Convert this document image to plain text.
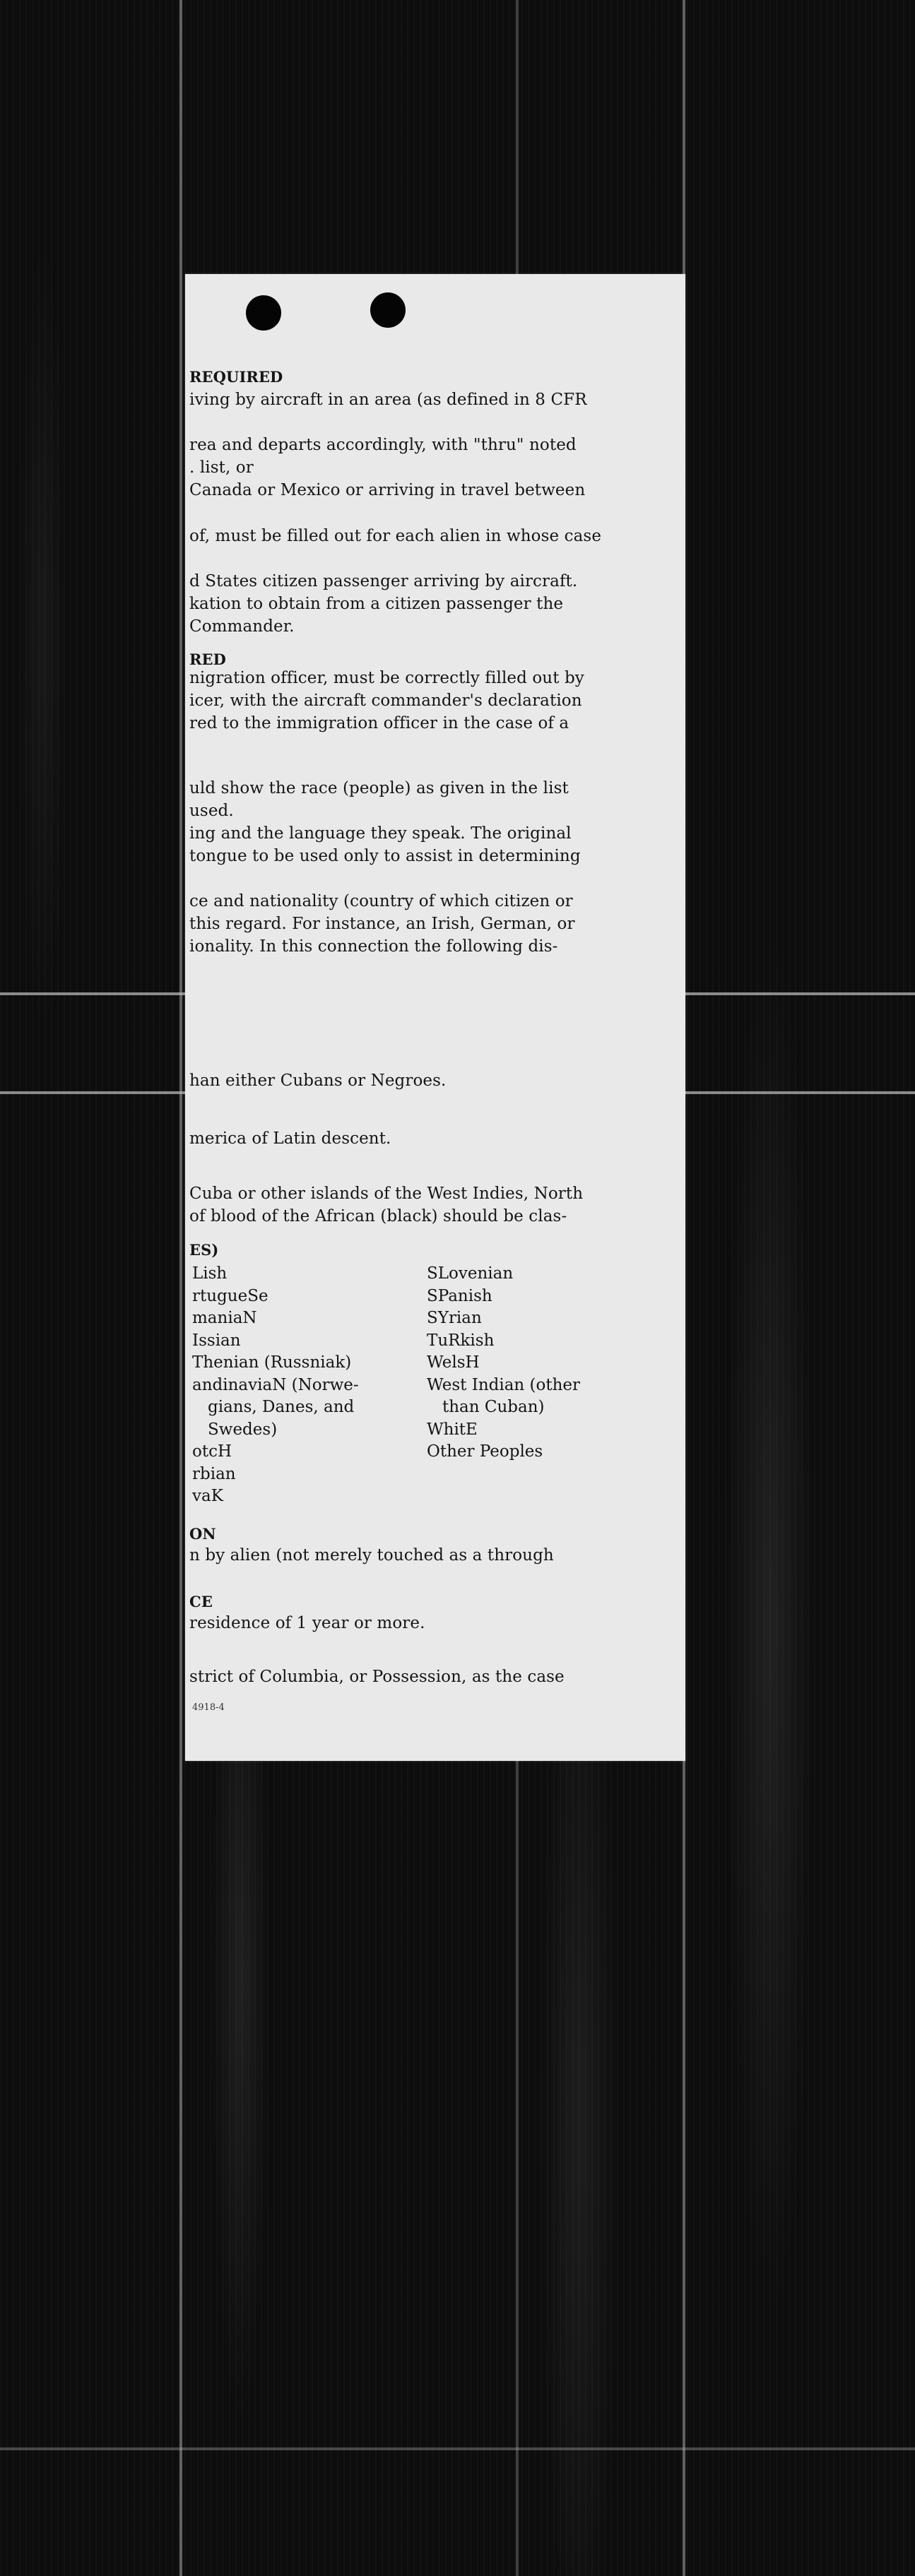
REQUIRED
iving by aircraft in an area (as defined in 8 CFR
rea and departs accordingly, with "thru" noted
. list, or
Canada or Mexico or arriving in travel between
of, must be filled out for each alien in whose case
d States citizen passenger arriving by aircraft.
kation to obtain from a citizen passenger the
Commander.
RED
nigration officer, must be correctly filled out by
icer, with the aircraft commander's declaration
red to the immigration officer in the case of a
uld show the race (people) as given in the list
used.
ing and the language they speak. The original
tongue to be used only to assist in determining
ce and nationality (country of which citizen or
this regard. For instance, an Irish, German, or
ionality. In this connection the following dis-
han either Cubans or Negroes.
merica of Latin descent.
Cuba or other islands of the West Indies, North
of blood of the African (black) should be clas-
ES)
Lish
rtugueSe
maniaN
Issian
Thenian (Russniak)
andinaviaN (Norwe-
gians, Danes, and
Swedes)
otcH
rbian
vaK
SLovenian
SPanish
SYrian
TuRkish
WelsH
West Indian (other
than Cuban)
WhitE
Other Peoples
ON
n by alien (not merely touched as a through
CE
residence of 1 year or more.
strict of Columbia, or Possession, as the case
4918-4
